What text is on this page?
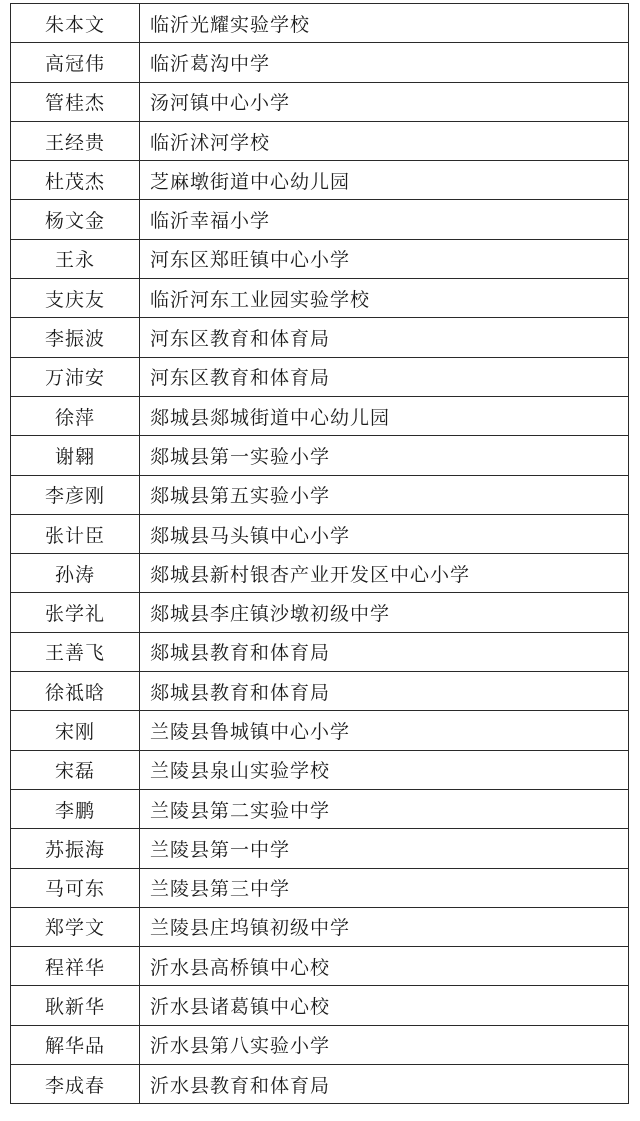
朱本文	临沂光耀实验学校
高冠伟	临沂葛沟中学
管桂杰	汤河镇中心小学
王经贵	临沂沭河学校
杜茂杰	芝麻墩街道中心幼儿园
杨文金	临沂幸福小学
王永	河东区郑旺镇中心小学
支庆友	临沂河东工业园实验学校
李振波	河东区教育和体育局
万沛安	河东区教育和体育局
徐萍	郯城县郯城街道中心幼儿园
谢翱	郯城县第一实验小学
李彦刚	郯城县第五实验小学
张计臣	郯城县马头镇中心小学
孙涛	郯城县新村银杏产业开发区中心小学
张学礼	郯城县李庄镇沙墩初级中学
王善飞	郯城县教育和体育局
徐祗晗	郯城县教育和体育局
宋刚	兰陵县鲁城镇中心小学
宋磊	兰陵县泉山实验学校
李鹏	兰陵县第二实验中学
苏振海	兰陵县第一中学
马可东	兰陵县第三中学
郑学文	兰陵县庄坞镇初级中学
程祥华	沂水县高桥镇中心校
耿新华	沂水县诸葛镇中心校
解华品	沂水县第八实验小学
李成春	沂水县教育和体育局
